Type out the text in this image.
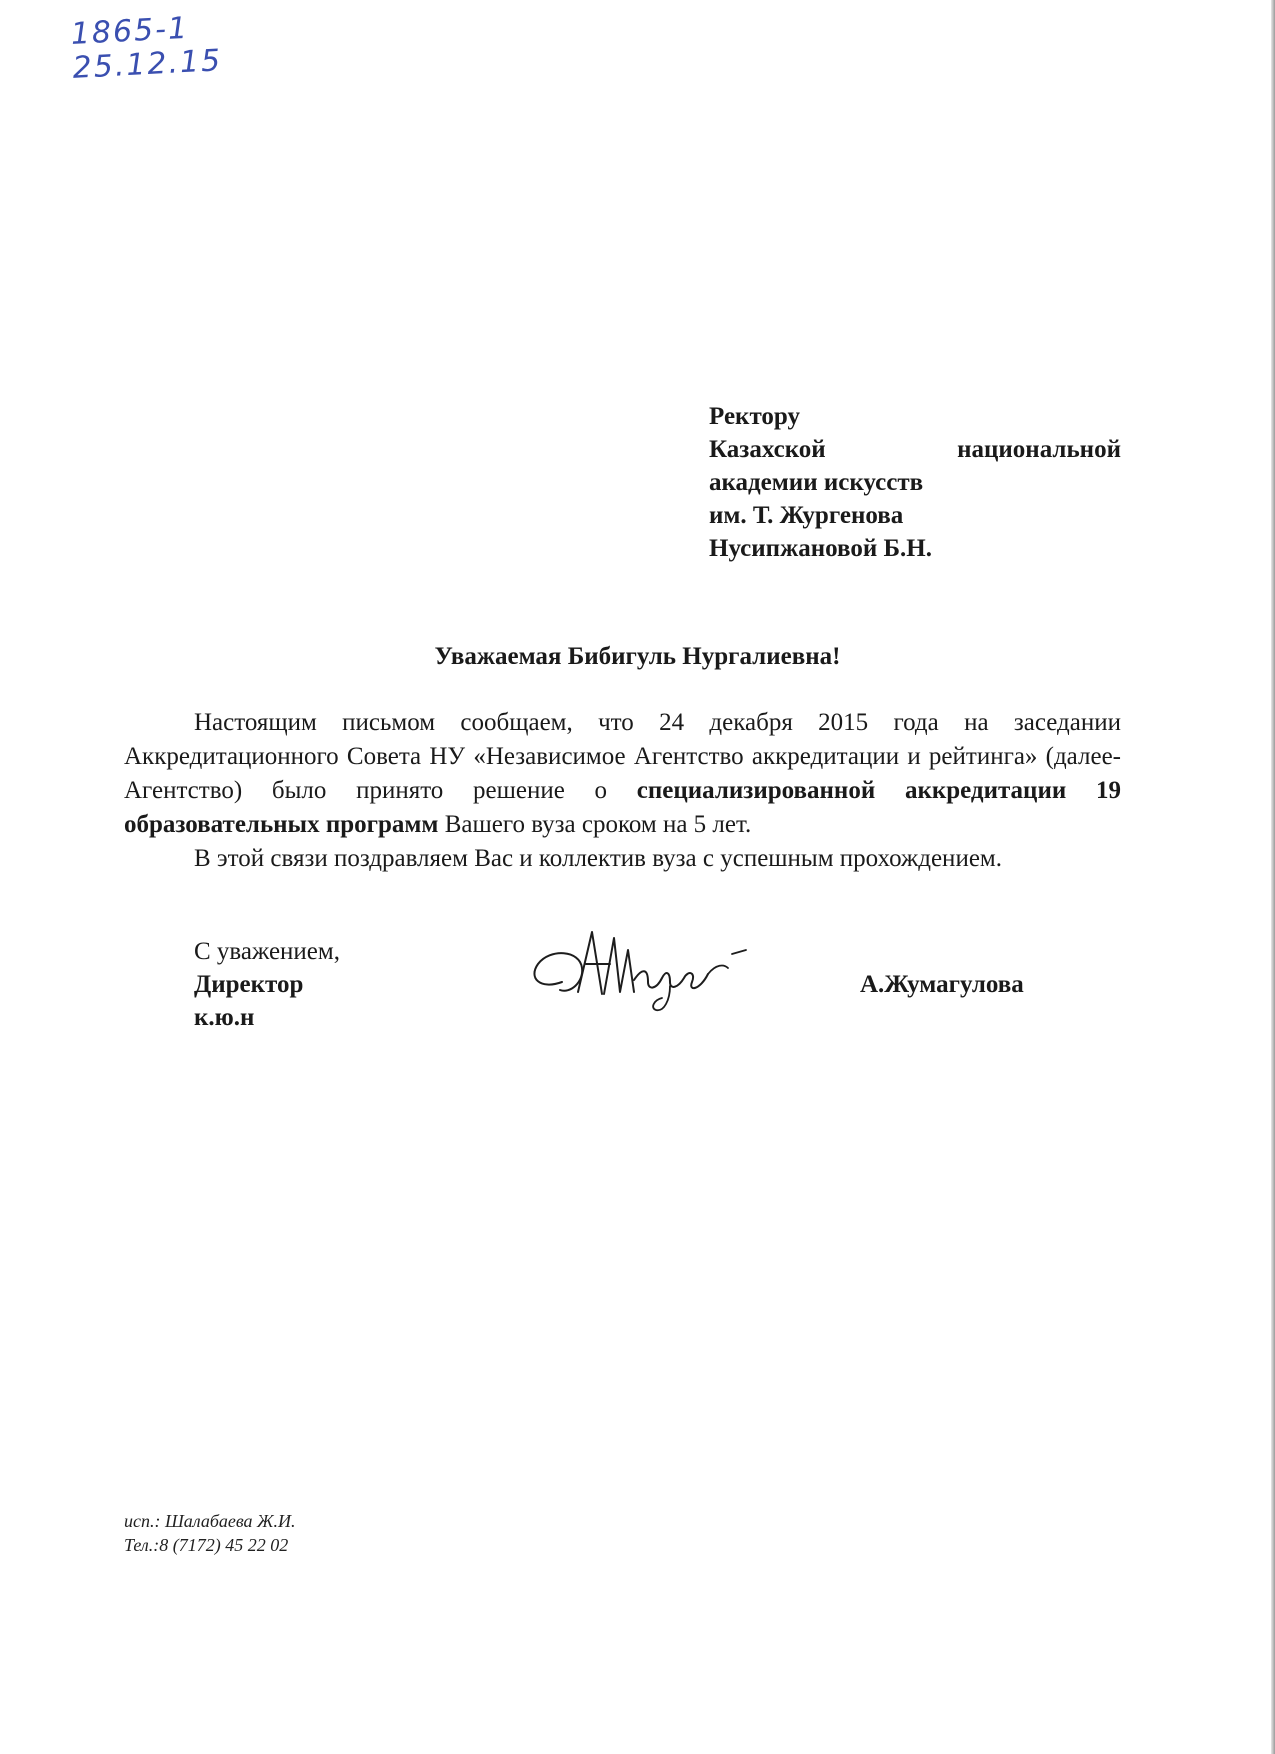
1865-1
25.12.15
Ректору
Казахской	национальной
академии искусств
им. Т. Жургенова
Нусипжановой Б.Н.
Уважаемая Бибигуль Нургалиевна!

Настоящим письмом сообщаем, что 24 декабря 2015 года на заседании Аккредитационного Совета НУ «Независимое Агентство аккредитации и рейтинга» (далее-Агентство) было принято решение о специализированной аккредитации 19 образовательных программ Вашего вуза сроком на 5 лет.

В этой связи поздравляем Вас и коллектив вуза с успешным прохождением.

С уважением,
Директор
к.ю.н
А.Жумагулова
исп.: Шалабаева Ж.И.
Тел.:8 (7172) 45 22 02
